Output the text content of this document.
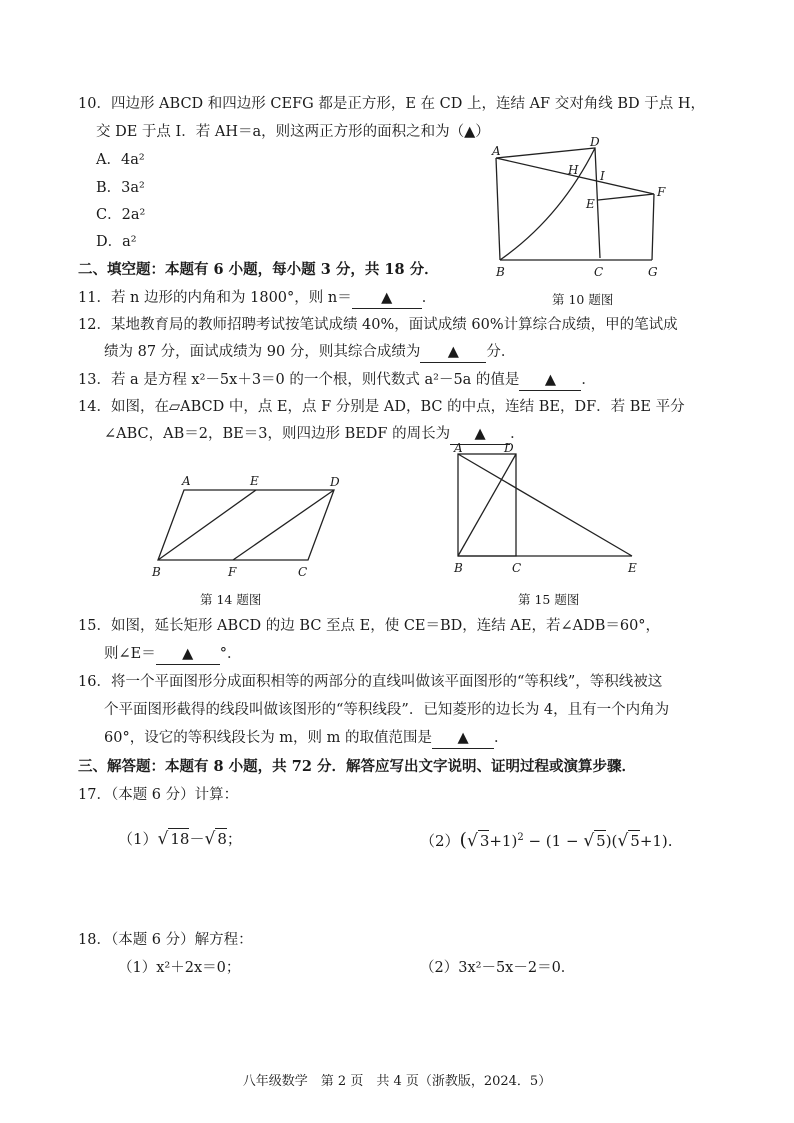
10．四边形 ABCD 和四边形 CEFG 都是正方形，E 在 CD 上，连结 AF 交对角线 BD 于点 H，
交 DE 于点 I．若 AH＝a，则这两正方形的面积之和为（▲）
A．4a²
B．3a²
C．2a²
D．a²
A
D
H I
E
F
B	C	G
第 10 题图
二、填空题：本题有 6 小题，每小题 3 分，共 18 分．
11．若 n 边形的内角和为 1800°，则 n＝ ▲ ．
12．某地教育局的教师招聘考试按笔试成绩 40%，面试成绩 60%计算综合成绩，甲的笔试成
绩为 87 分，面试成绩为 90 分，则其综合成绩为 ▲ 分．
13．若 a 是方程 x²－5x＋3＝0 的一个根，则代数式 a²－5a 的值是 ▲ ．
14．如图，在▱ABCD 中，点 E，点 F 分别是 AD，BC 的中点，连结 BE，DF．若 BE 平分
∠ABC，AB＝2，BE＝3，则四边形 BEDF 的周长为 ▲ ．
A	E	D
B	F	C
第 14 题图
A	D
B	C	E
第 15 题图
15．如图，延长矩形 ABCD 的边 BC 至点 E，使 CE＝BD，连结 AE，若∠ADB＝60°，
则∠E＝ ▲ °．
16．将一个平面图形分成面积相等的两部分的直线叫做该平面图形的“等积线”，等积线被这
个平面图形截得的线段叫做该图形的“等积线段”．已知菱形的边长为 4，且有一个内角为
60°，设它的等积线段长为 m，则 m 的取值范围是 ▲ ．
三、解答题：本题有 8 小题，共 72 分．解答应写出文字说明、证明过程或演算步骤．
17．（本题 6 分）计算：
（1）√ 18－√ 8；	（2）(√ 3+1)$^2$ − (1 − √ 5)(√ 5+1).
18．（本题 6 分）解方程：
（1）x²＋2x＝0；	（2）3x²－5x－2＝0．
八年级数学　第 2 页　共 4 页（浙教版，2024．5）
